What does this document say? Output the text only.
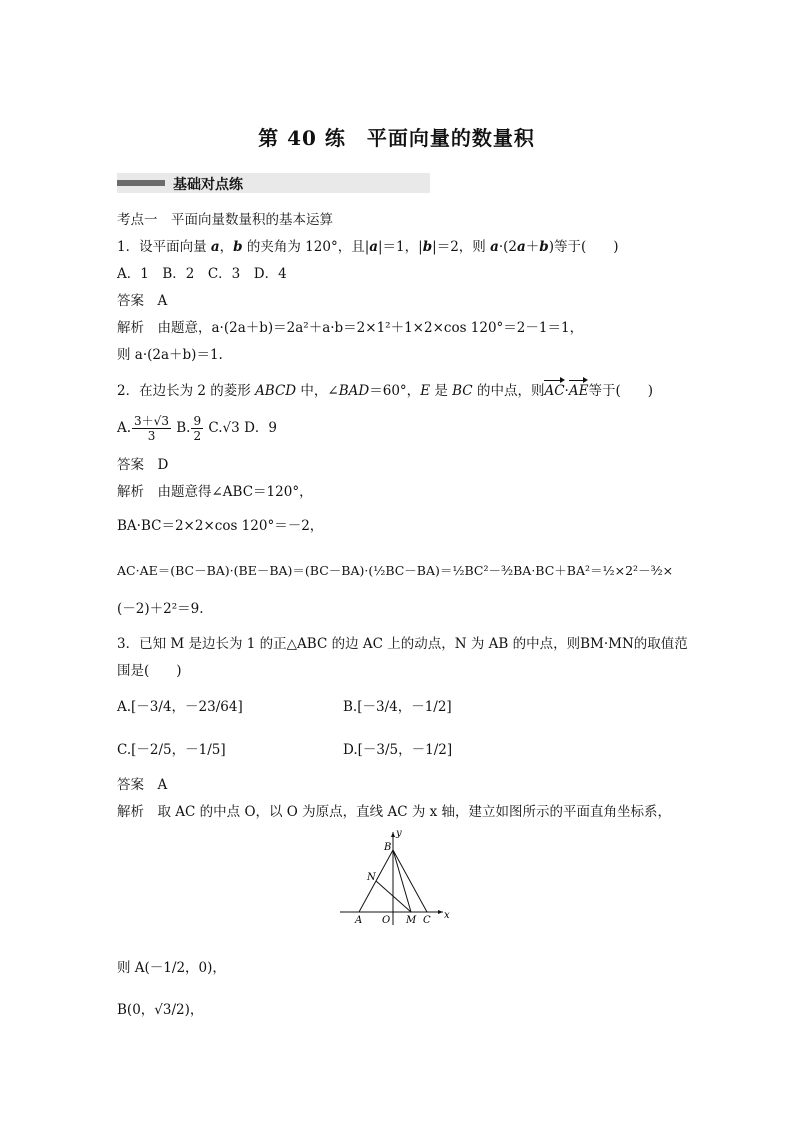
第 40 练　平面向量的数量积
基础对点练
考点一　平面向量数量积的基本运算
1．设平面向量 a，b 的夹角为 120°，且|a|＝1，|b|＝2，则 a·(2a＋b)等于(　　)
A．1　B．2　C．3　D．4
答案　 A
解析　 由题意，a·(2a＋b)＝2a²＋a·b＝2×1²＋1×2×cos 120°＝2－1＝1，
则 a·(2a＋b)＝1.
2．在边长为 2 的菱形 ABCD 中，∠BAD＝60°，E 是 BC 的中点，则AC·AE等于(　　)
A. $\frac{3+√3}{3} B$. $\frac{9}{2} C.√3$ D．9
答案　 D
解析　 由题意得∠ABC＝120°，
BA·BC＝2×2×cos 120°＝－2，
AC·AE＝(BC－BA)·(BE－BA)＝(BC－BA)·(½BC－BA)＝½BC²－³⁄₂BA·BC＋BA²＝½×2²－³⁄₂×
(－2)＋2²＝9.
3．已知 M 是边长为 1 的正△ABC 的边 AC 上的动点，N 为 AB 的中点，则BM·MN的取值范
围是(　　)
A.[－3/4，－23/64]	B.[－3/4，－1/2]
C.[－2/5，－1/5]	D.[－3/5，－1/2]
答案　 A
解析　 取 AC 的中点 O，以 O 为原点，直线 AC 为 x 轴，建立如图所示的平面直角坐标系，
y
B
N
A O M C x
则 A(－1/2，0)，
B(0，√3/2)，
